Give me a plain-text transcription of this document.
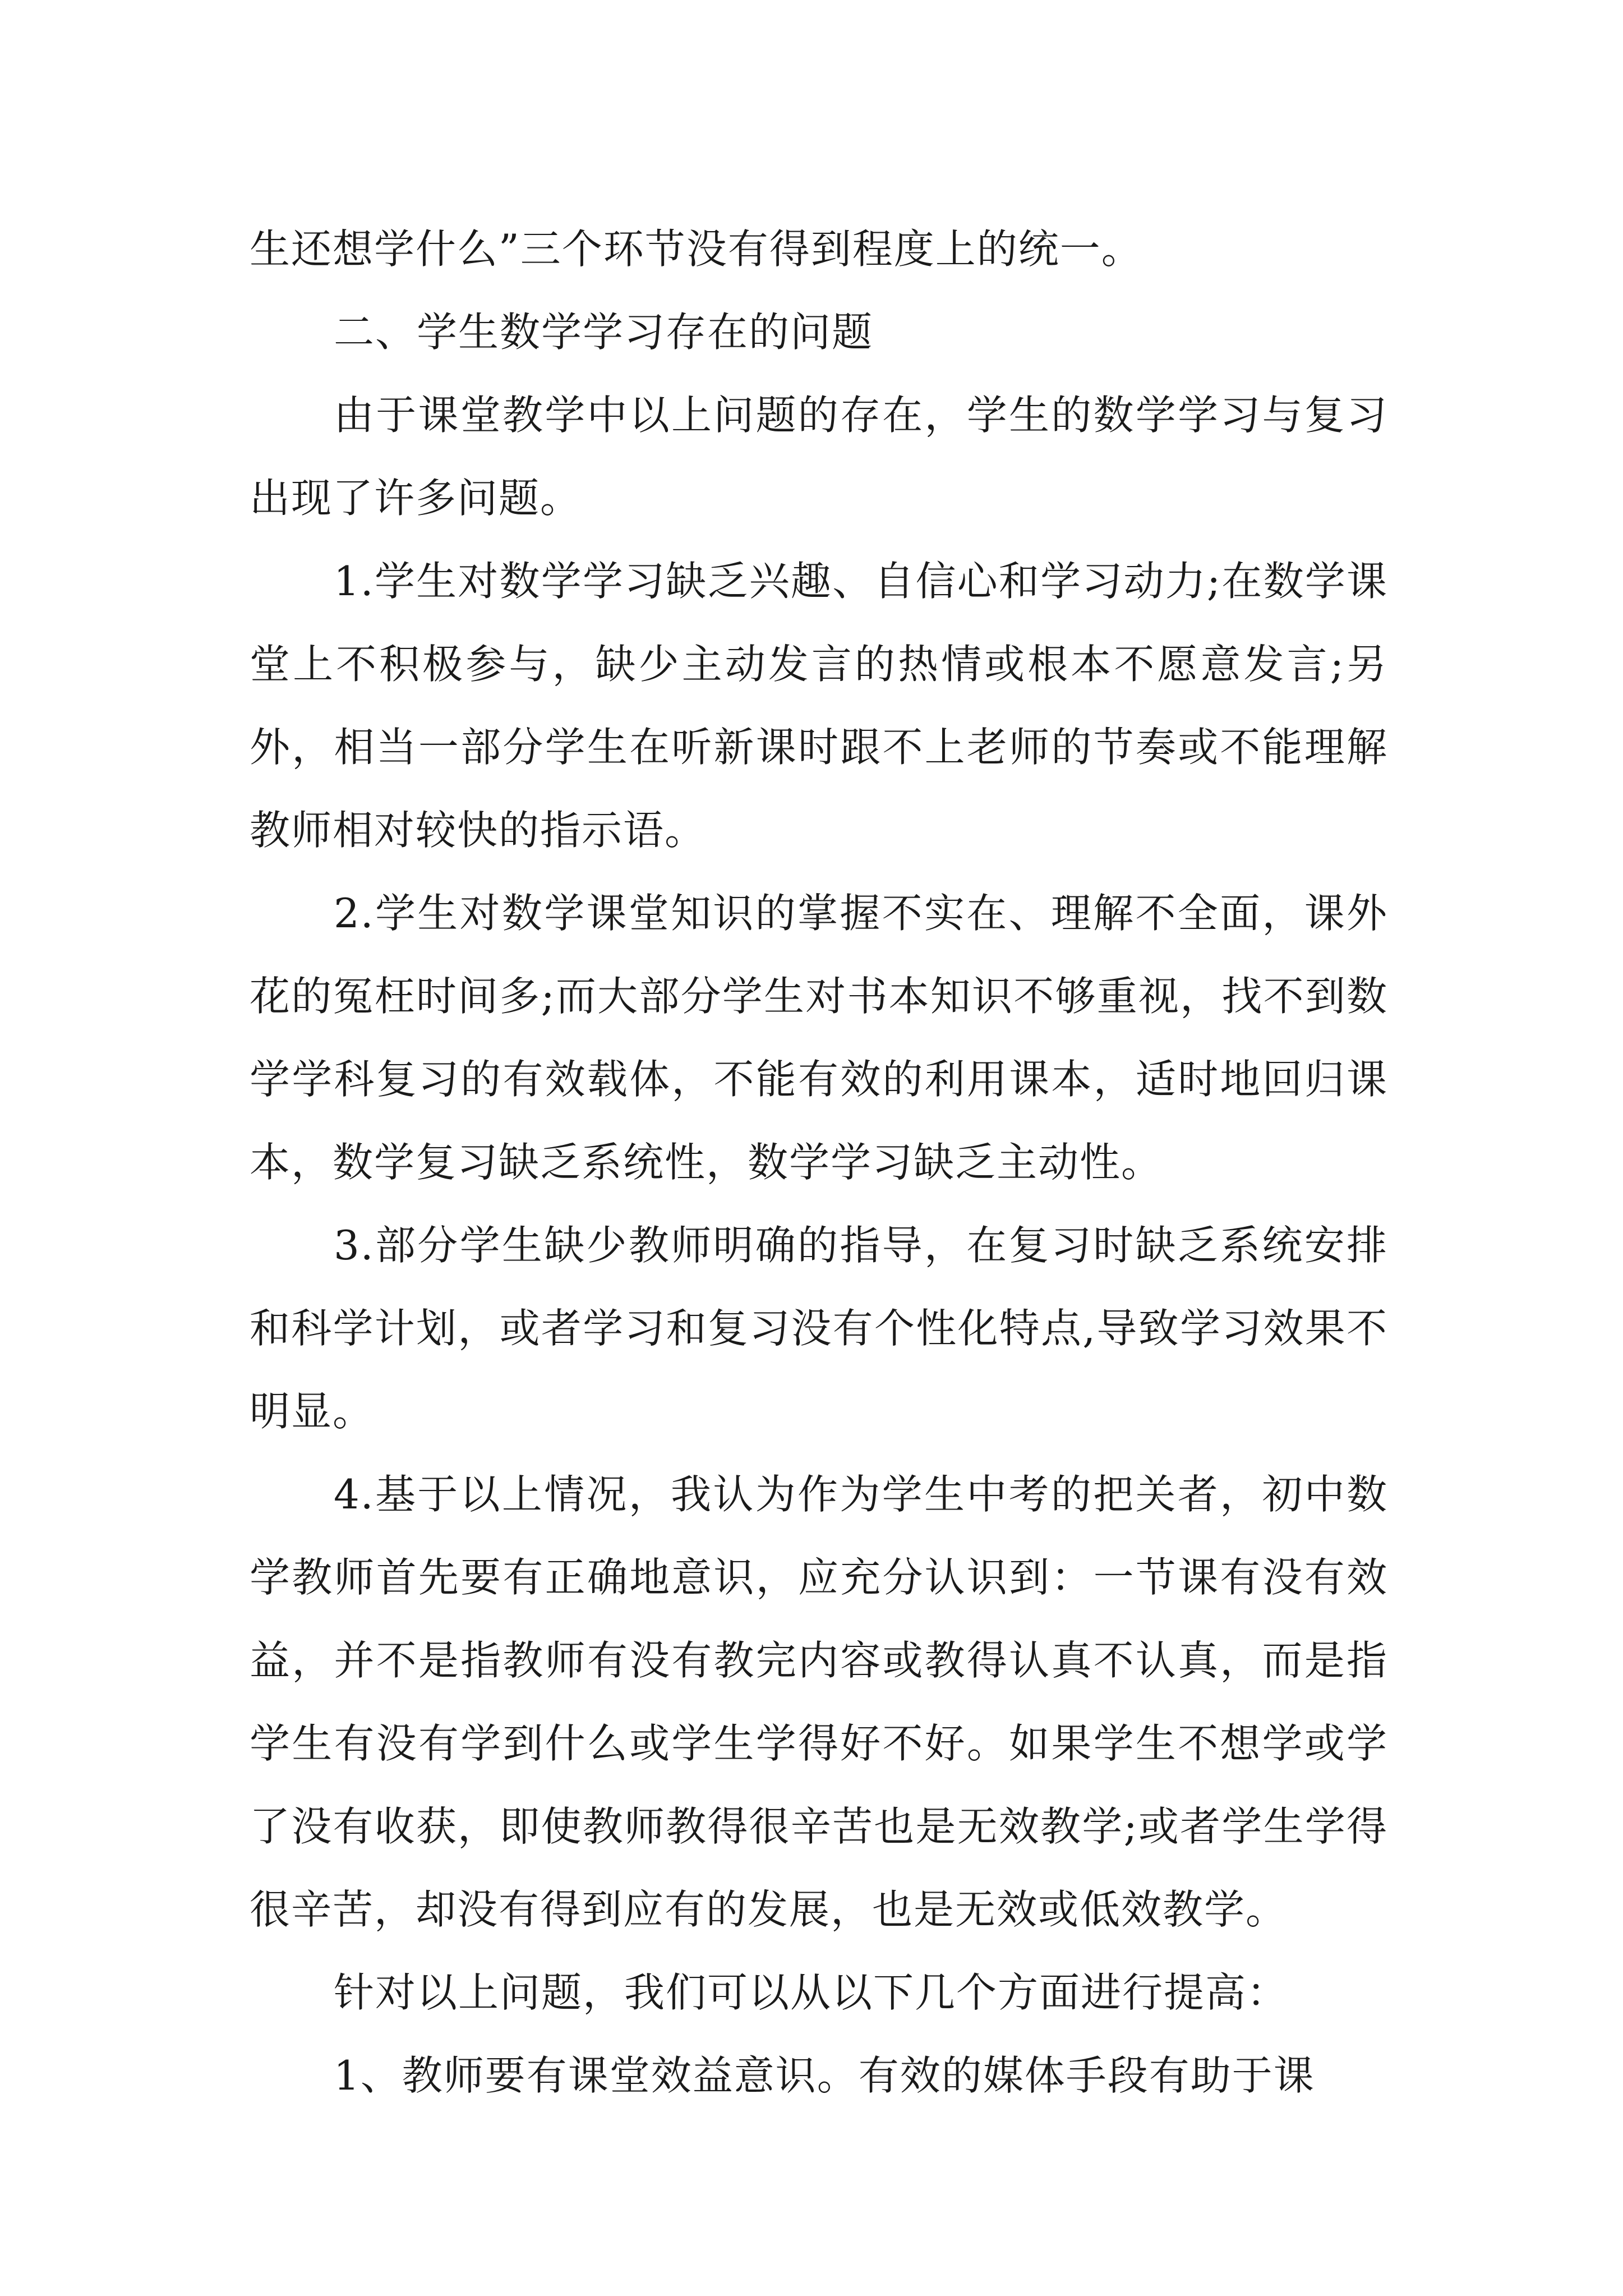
生还想学什么”三个环节没有得到程度上的统一。

二、学生数学学习存在的问题

由于课堂教学中以上问题的存在，学生的数学学习与复习出现了许多问题。

1.学生对数学学习缺乏兴趣、自信心和学习动力;在数学课堂上不积极参与，缺少主动发言的热情或根本不愿意发言;另外，相当一部分学生在听新课时跟不上老师的节奏或不能理解教师相对较快的指示语。

2.学生对数学课堂知识的掌握不实在、理解不全面，课外花的冤枉时间多;而大部分学生对书本知识不够重视，找不到数学学科复习的有效载体，不能有效的利用课本，适时地回归课本，数学复习缺乏系统性，数学学习缺乏主动性。

3.部分学生缺少教师明确的指导，在复习时缺乏系统安排和科学计划，或者学习和复习没有个性化特点,导致学习效果不明显。

4.基于以上情况，我认为作为学生中考的把关者，初中数学教师首先要有正确地意识，应充分认识到：一节课有没有效益，并不是指教师有没有教完内容或教得认真不认真，而是指学生有没有学到什么或学生学得好不好。如果学生不想学或学了没有收获，即使教师教得很辛苦也是无效教学;或者学生学得很辛苦，却没有得到应有的发展，也是无效或低效教学。

针对以上问题，我们可以从以下几个方面进行提高：

1、教师要有课堂效益意识。有效的媒体手段有助于课
